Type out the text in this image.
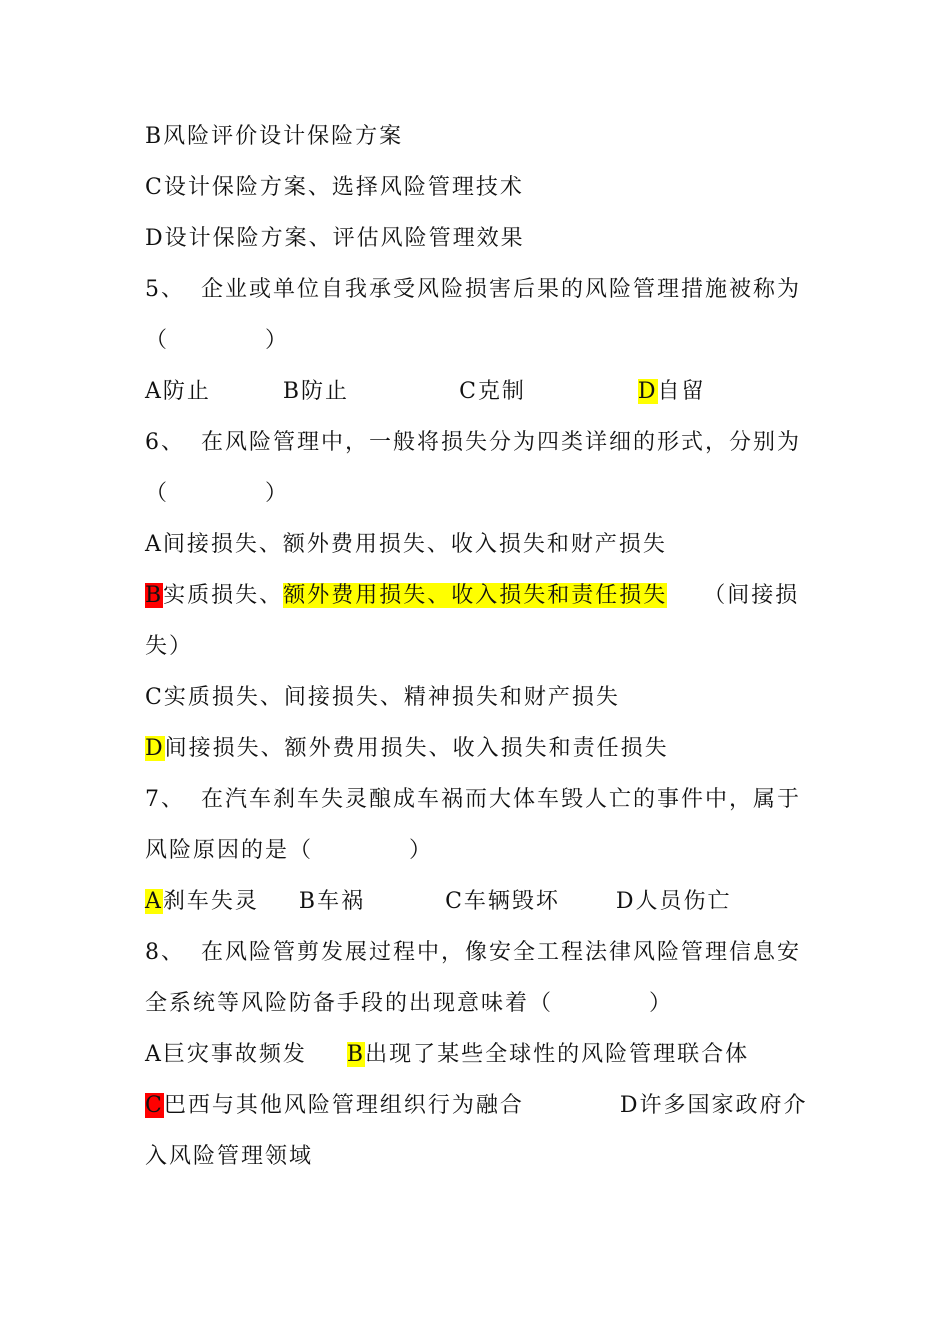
B风险评价设计保险方案
C设计保险方案、选择风险管理技术
D设计保险方案、评估风险管理效果
5、 企业或单位自我承受风险损害后果的风险管理措施被称为
（　　　　）
A防止	B防止	C克制	D自留
6、 在风险管理中，一般将损失分为四类详细的形式，分别为
（　　　　）
A间接损失、额外费用损失、收入损失和财产损失
B实质损失、额外费用损失、收入损失和责任损失 （间接损
失）
C实质损失、间接损失、精神损失和财产损失
D间接损失、额外费用损失、收入损失和责任损失
7、 在汽车刹车失灵酿成车祸而大体车毁人亡的事件中，属于
风险原因的是（　　　　）
A刹车失灵 B车祸	C车辆毁坏	D人员伤亡
8、 在风险管剪发展过程中，像安全工程法律风险管理信息安
全系统等风险防备手段的出现意味着（　　　　）
A巨灾事故频发 B出现了某些全球性的风险管理联合体
C巴西与其他风险管理组织行为融合	D许多国家政府介
入风险管理领域
